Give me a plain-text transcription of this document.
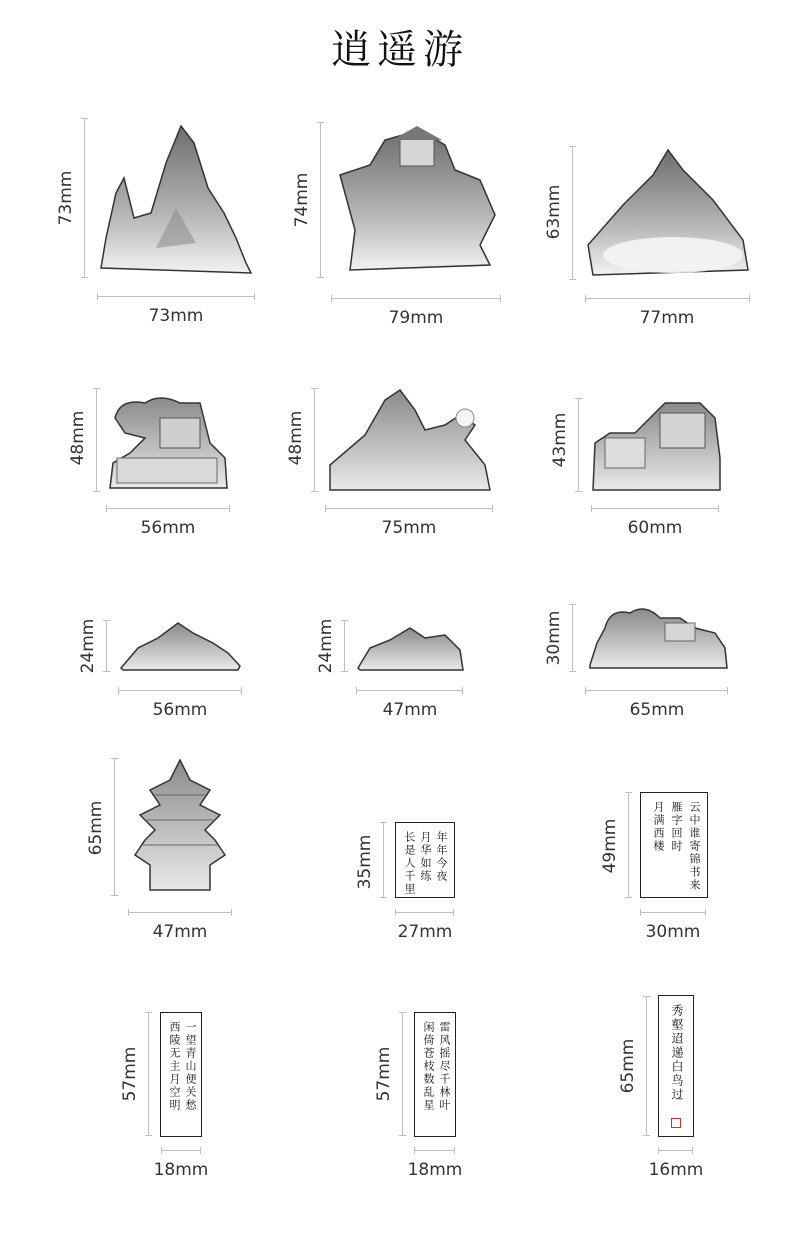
逍遥游
73mm
73mm
74mm
79mm
63mm
77mm
48mm
56mm
48mm
75mm
43mm
60mm
24mm
56mm
24mm
47mm
30mm
65mm
65mm
47mm
年年今夜
月华如练
长是人千里
35mm
27mm
云中谁寄锦书来
雁字回时
月满西楼
49mm
30mm
一望青山便关愁
西陵无主月空明
57mm
18mm
雷风摇尽千林叶
闲倚苍枝数乱星
57mm
18mm
秀壑迢递白鸟过
65mm
16mm
